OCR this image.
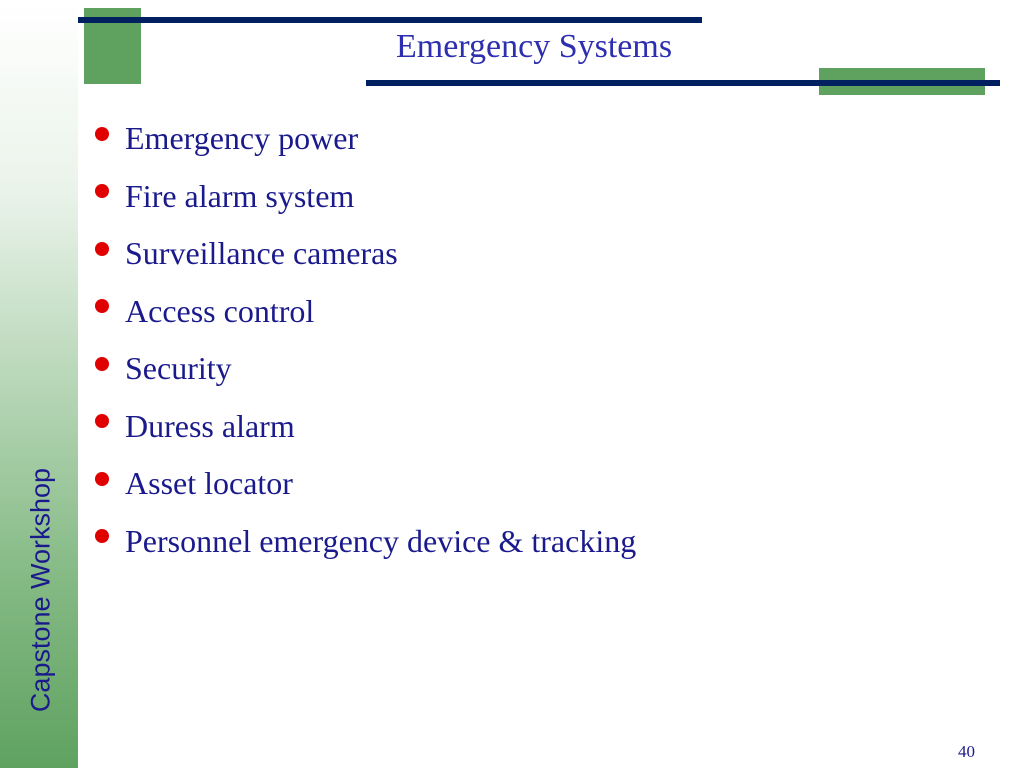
Capstone Workshop
Emergency Systems
Emergency power
Fire alarm system
Surveillance cameras
Access control
Security
Duress alarm
Asset locator
Personnel emergency device & tracking
40
